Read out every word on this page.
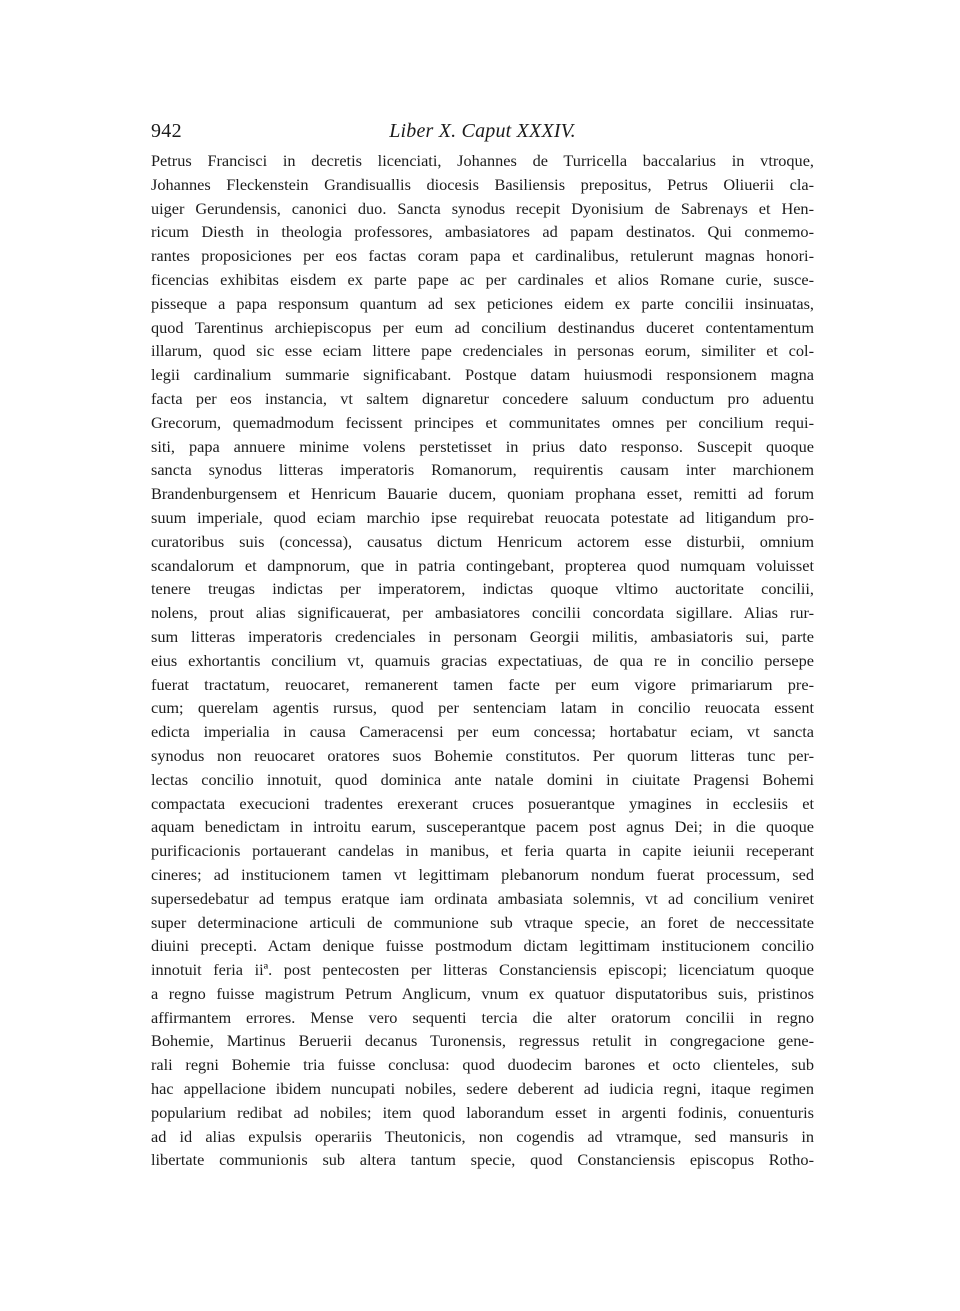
942	Liber X. Caput XXXIV.
Petrus Francisci in decretis licenciati, Johannes de Turricella baccalarius in vtroque,
Johannes Fleckenstein Grandisuallis diocesis Basiliensis prepositus, Petrus Oliuerii cla-
uiger Gerundensis, canonici duo. Sancta synodus recepit Dyonisium de Sabrenays et Hen-
ricum Diesth in theologia professores, ambasiatores ad papam destinatos. Qui conmemo-
rantes proposiciones per eos factas coram papa et cardinalibus, retulerunt magnas honori-
ficencias exhibitas eisdem ex parte pape ac per cardinales et alios Romane curie, susce-
pisseque a papa responsum quantum ad sex peticiones eidem ex parte concilii insinuatas,
quod Tarentinus archiepiscopus per eum ad concilium destinandus duceret contentamentum
illarum, quod sic esse eciam littere pape credenciales in personas eorum, similiter et col-
legii cardinalium summarie significabant. Postque datam huiusmodi responsionem magna
facta per eos instancia, vt saltem dignaretur concedere saluum conductum pro aduentu
Grecorum, quemadmodum fecissent principes et communitates omnes per concilium requi-
siti, papa annuere minime volens perstetisset in prius dato responso. Suscepit quoque
sancta synodus litteras imperatoris Romanorum, requirentis causam inter marchionem
Brandenburgensem et Henricum Bauarie ducem, quoniam prophana esset, remitti ad forum
suum imperiale, quod eciam marchio ipse requirebat reuocata potestate ad litigandum pro-
curatoribus suis (concessa), causatus dictum Henricum actorem esse disturbii, omnium
scandalorum et dampnorum, que in patria contingebant, propterea quod numquam voluisset
tenere treugas indictas per imperatorem, indictas quoque vltimo auctoritate concilii,
nolens, prout alias significauerat, per ambasiatores concilii concordata sigillare. Alias rur-
sum litteras imperatoris credenciales in personam Georgii militis, ambasiatoris sui, parte
eius exhortantis concilium vt, quamuis gracias expectatiuas, de qua re in concilio persepe
fuerat tractatum, reuocaret, remanerent tamen facte per eum vigore primariarum pre-
cum; querelam agentis rursus, quod per sentenciam latam in concilio reuocata essent
edicta imperialia in causa Cameracensi per eum concessa; hortabatur eciam, vt sancta
synodus non reuocaret oratores suos Bohemie constitutos. Per quorum litteras tunc per-
lectas concilio innotuit, quod dominica ante natale domini in ciuitate Pragensi Bohemi
compactata execucioni tradentes erexerant cruces posuerantque ymagines in ecclesiis et
aquam benedictam in introitu earum, susceperantque pacem post agnus Dei; in die quoque
purificacionis portauerant candelas in manibus, et feria quarta in capite ieiunii receperant
cineres; ad institucionem tamen vt legittimam plebanorum nondum fuerat processum, sed
supersedebatur ad tempus eratque iam ordinata ambasiata solemnis, vt ad concilium veniret
super determinacione articuli de communione sub vtraque specie, an foret de neccessitate
diuini precepti. Actam denique fuisse postmodum dictam legittimam institucionem concilio
innotuit feria iiª. post pentecosten per litteras Constanciensis episcopi; licenciatum quoque
a regno fuisse magistrum Petrum Anglicum, vnum ex quatuor disputatoribus suis, pristinos
affirmantem errores. Mense vero sequenti tercia die alter oratorum concilii in regno
Bohemie, Martinus Beruerii decanus Turonensis, regressus retulit in congregacione gene-
rali regni Bohemie tria fuisse conclusa: quod duodecim barones et octo clienteles, sub
hac appellacione ibidem nuncupati nobiles, sedere deberent ad iudicia regni, itaque regimen
popularium redibat ad nobiles; item quod laborandum esset in argenti fodinis, conuenturis
ad id alias expulsis operariis Theutonicis, non cogendis ad vtramque, sed mansuris in
libertate communionis sub altera tantum specie, quod Constanciensis episcopus Rotho-
